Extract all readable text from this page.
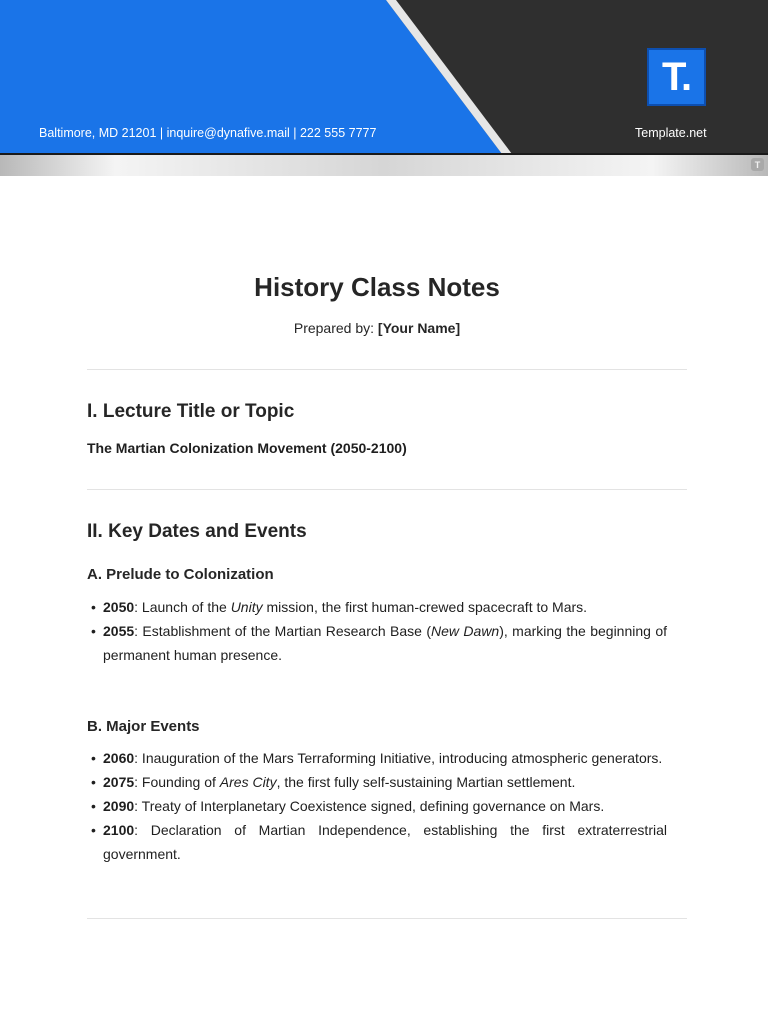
T.
Baltimore, MD 21201 | inquire@dynafive.mail | 222 555 7777	Template.net
T
History Class Notes
Prepared by: [Your Name]
I. Lecture Title or Topic
The Martian Colonization Movement (2050-2100)
II. Key Dates and Events
A. Prelude to Colonization
• 2050: Launch of the Unity mission, the first human-crewed spacecraft to Mars.
• 2055: Establishment of the Martian Research Base (New Dawn), marking the beginning of permanent human presence.
B. Major Events
• 2060: Inauguration of the Mars Terraforming Initiative, introducing atmospheric generators.
• 2075: Founding of Ares City, the first fully self-sustaining Martian settlement.
• 2090: Treaty of Interplanetary Coexistence signed, defining governance on Mars.
• 2100: Declaration of Martian Independence, establishing the first extraterrestrial government.
